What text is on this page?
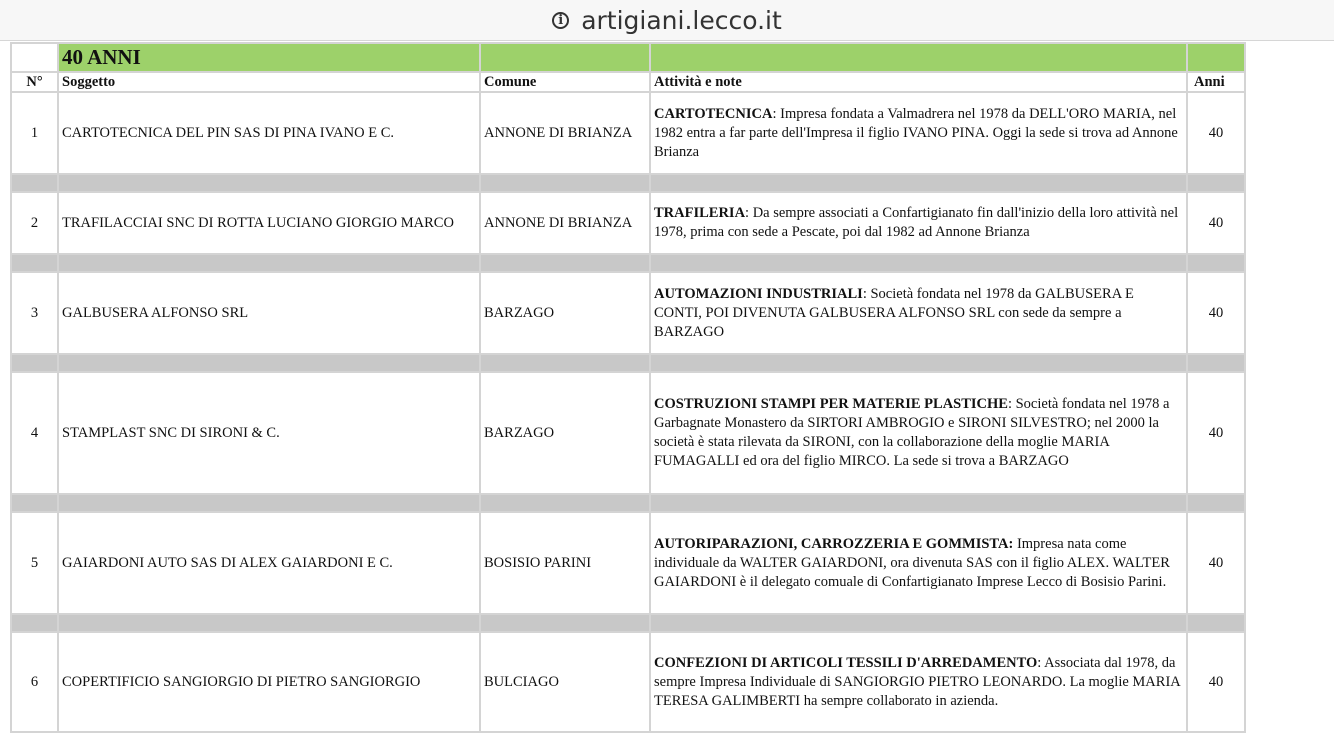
i artigiani.lecco.it
	40 ANNI			
N°	Soggetto	Comune	Attività e note	Anni
1	CARTOTECNICA DEL PIN SAS DI PINA IVANO E C.	ANNONE DI BRIANZA	CARTOTECNICA: Impresa fondata a Valmadrera nel 1978 da DELL'ORO MARIA, nel 1982 entra a far parte dell'Impresa il figlio IVANO PINA. Oggi la sede si trova ad Annone Brianza	40

2	TRAFILACCIAI SNC DI ROTTA LUCIANO GIORGIO MARCO	ANNONE DI BRIANZA	TRAFILERIA: Da sempre associati a Confartigianato fin dall'inizio della loro attività nel 1978, prima con sede a Pescate, poi dal 1982 ad Annone Brianza	40

3	GALBUSERA ALFONSO SRL	BARZAGO	AUTOMAZIONI INDUSTRIALI: Società fondata nel 1978 da GALBUSERA E CONTI, POI DIVENUTA GALBUSERA ALFONSO SRL con sede da sempre a BARZAGO	40

4	STAMPLAST SNC DI SIRONI & C.	BARZAGO	COSTRUZIONI STAMPI PER MATERIE PLASTICHE: Società fondata nel 1978 a Garbagnate Monastero da SIRTORI AMBROGIO e SIRONI SILVESTRO; nel 2000 la società è stata rilevata da SIRONI, con la collaborazione della moglie MARIA FUMAGALLI ed ora del figlio MIRCO. La sede si trova a BARZAGO	40

5	GAIARDONI AUTO SAS DI ALEX GAIARDONI E C.	BOSISIO PARINI	AUTORIPARAZIONI, CARROZZERIA E GOMMISTA: Impresa nata come individuale da WALTER GAIARDONI, ora divenuta SAS con il figlio ALEX. WALTER GAIARDONI è il delegato comuale di Confartigianato Imprese Lecco di Bosisio Parini.	40

6	COPERTIFICIO SANGIORGIO DI PIETRO SANGIORGIO	BULCIAGO	CONFEZIONI DI ARTICOLI TESSILI D'ARREDAMENTO: Associata dal 1978, da sempre Impresa Individuale di SANGIORGIO PIETRO LEONARDO. La moglie MARIA TERESA GALIMBERTI ha sempre collaborato in azienda.	40
